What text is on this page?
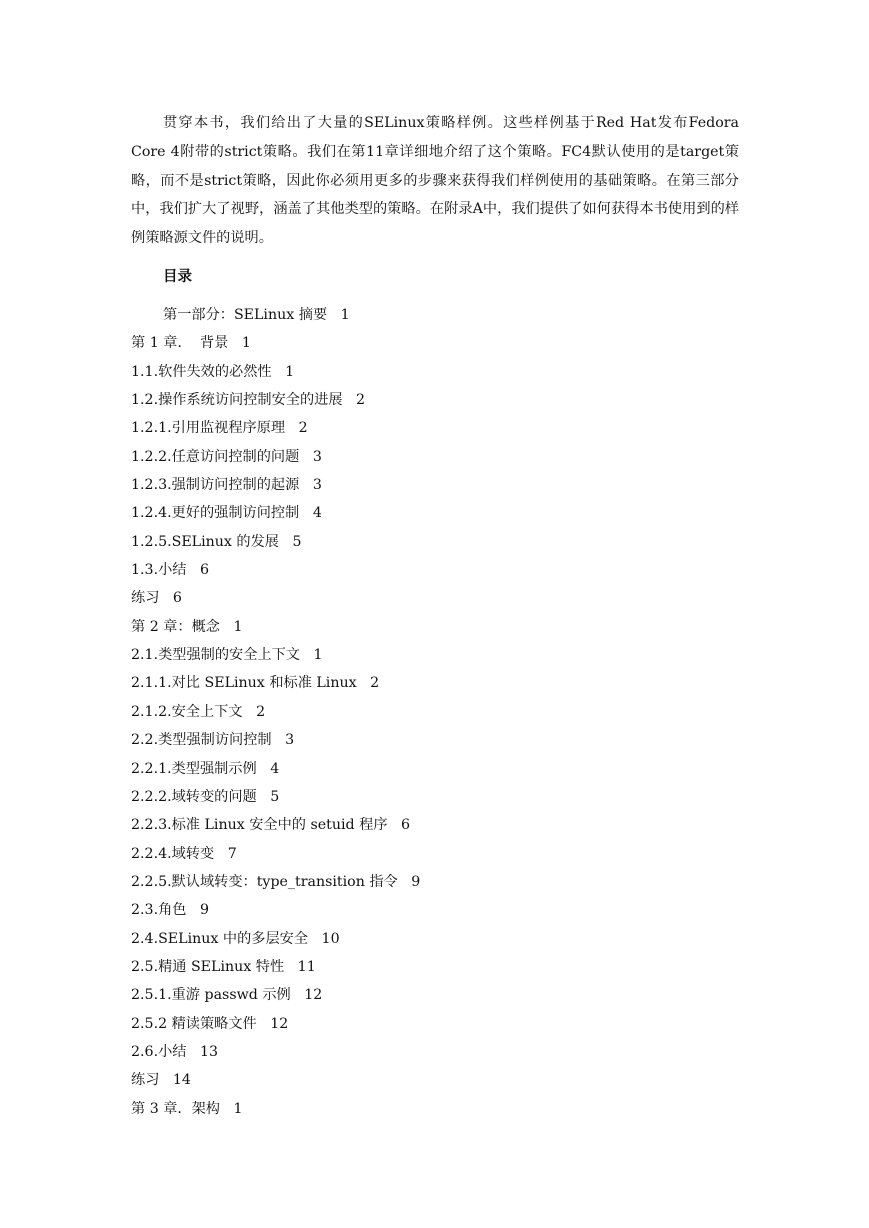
贯穿本书，我们给出了大量的SELinux策略样例。这些样例基于Red Hat发布Fedora Core 4附带的strict策略。我们在第11章详细地介绍了这个策略。FC4默认使用的是target策略，而不是strict策略，因此你必须用更多的步骤来获得我们样例使用的基础策略。在第三部分中，我们扩大了视野，涵盖了其他类型的策略。在附录A中，我们提供了如何获得本书使用到的样例策略源文件的说明。

目录
第一部分：SELinux 摘要   1
第 1 章.    背景   1
1.1.软件失效的必然性   1
1.2.操作系统访问控制安全的进展   2
1.2.1.引用监视程序原理   2
1.2.2.任意访问控制的问题   3
1.2.3.强制访问控制的起源   3
1.2.4.更好的强制访问控制   4
1.2.5.SELinux 的发展   5
1.3.小结   6
练习   6
第 2 章：概念   1
2.1.类型强制的安全上下文   1
2.1.1.对比 SELinux 和标准 Linux   2
2.1.2.安全上下文   2
2.2.类型强制访问控制   3
2.2.1.类型强制示例   4
2.2.2.域转变的问题   5
2.2.3.标准 Linux 安全中的 setuid 程序   6
2.2.4.域转变   7
2.2.5.默认域转变：type_transition 指令   9
2.3.角色   9
2.4.SELinux 中的多层安全   10
2.5.精通 SELinux 特性   11
2.5.1.重游 passwd 示例   12
2.5.2 精读策略文件   12
2.6.小结   13
练习   14
第 3 章．架构   1
